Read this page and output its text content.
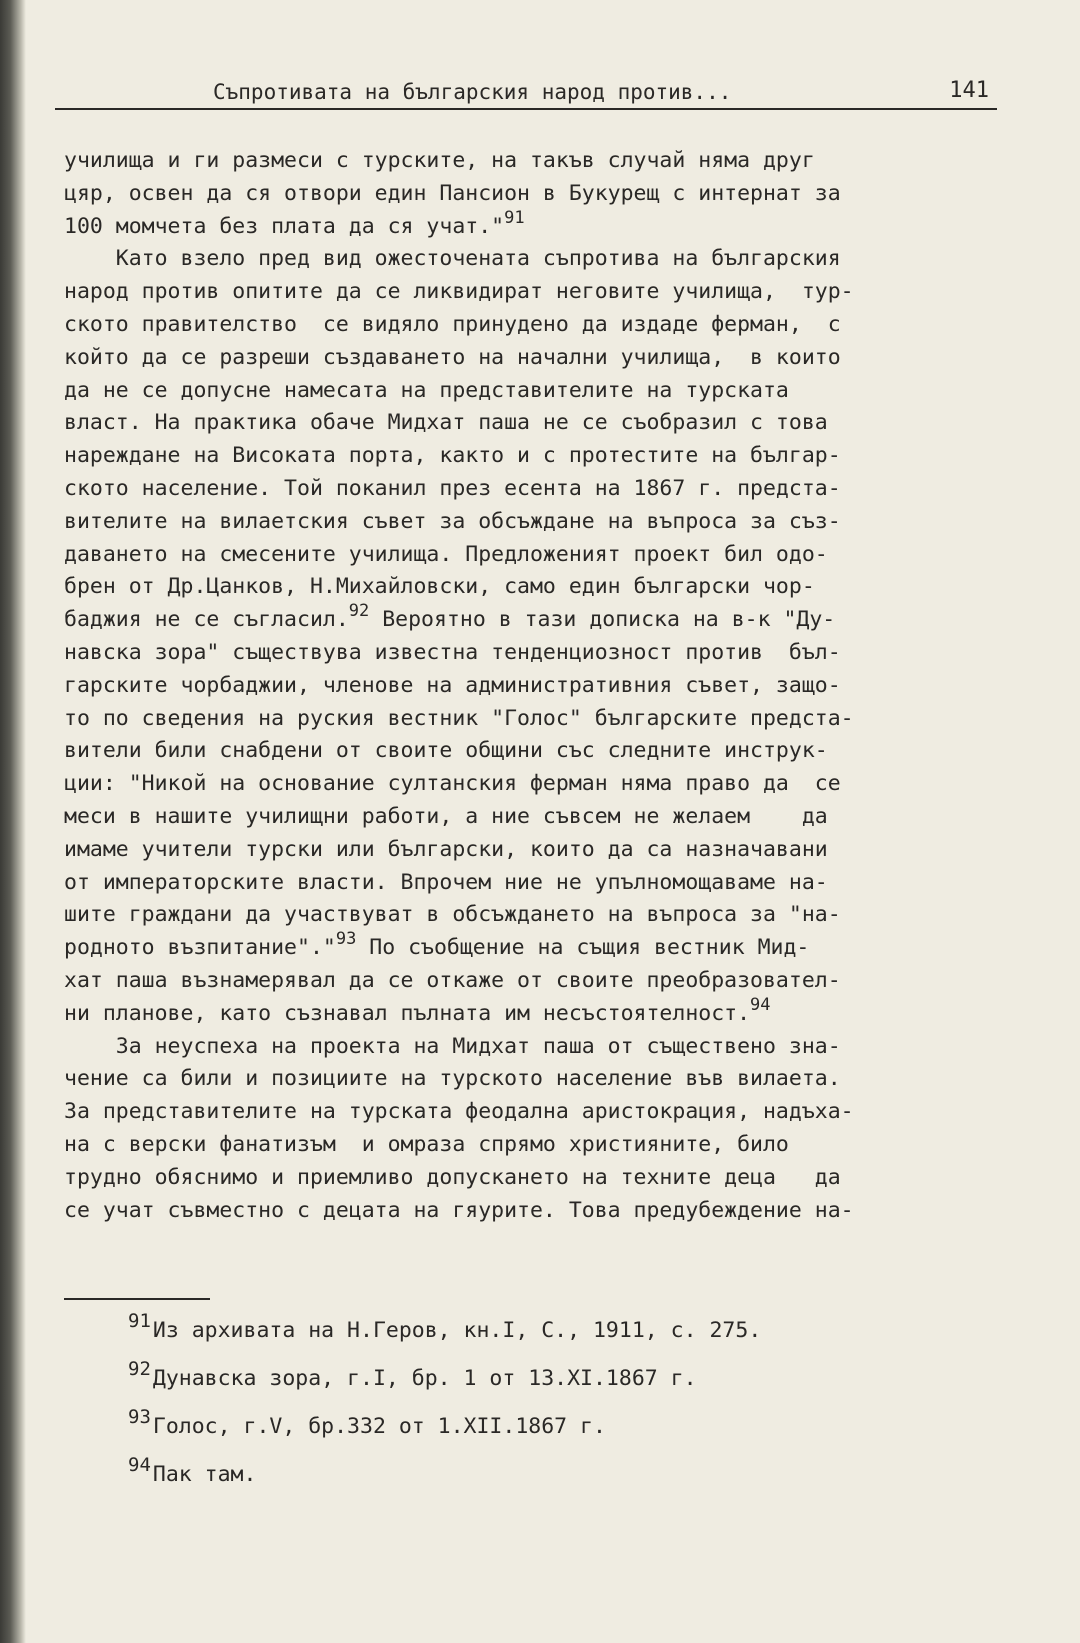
Съпротивата на българския народ против...	141
училища и ги размеси с турските, на такъв случай няма друг
цяр, освен да ся отвори един Пансион в Букурещ с интернат за
100 момчета без плата да ся учат."$^{91}$
Като взело пред вид ожесточената съпротива на българския
народ против опитите да се ликвидират неговите училища,  тур-
ското правителство  се видяло принудено да издаде ферман,  с
който да се разреши създаването на начални училища,  в които
да не се допусне намесата на представителите на турската
власт. На практика обаче Мидхат паша не се съобразил с това
нареждане на Високата порта, както и с протестите на българ-
ското население. Той поканил през есента на 1867 г. предста-
вителите на вилаетския съвет за обсъждане на въпроса за съз-
даването на смесените училища. Предложеният проект бил одо-
брен от Др.Цанков, Н.Михайловски, само един български чор-
баджия не се съгласил.$^{92}$ Вероятно в тази дописка на в-к "Ду-
навска зора" съществува известна тенденциозност против  бъл-
гарските чорбаджии, членове на административния съвет, защо-
то по сведения на руския вестник "Голос" българските предста-
вители били снабдени от своите общини със следните инструк-
ции: "Никой на основание султанския ферман няма право да  се
меси в нашите училищни работи, а ние съвсем не желаем    да
имаме учители турски или български, които да са назначавани
от императорските власти. Впрочем ние не упълномощаваме на-
шите граждани да участвуват в обсъждането на въпроса за "на-
родното възпитание"."$^{93}$ По съобщение на същия вестник Мид-
хат паша възнамерявал да се откаже от своите преобразовател-
ни планове, като съзнавал пълната им несъстоятелност.$^{94}$
За неуспеха на проекта на Мидхат паша от съществено зна-
чение са били и позициите на турското население във вилаета.
За представителите на турската феодална аристокрация, надъха-
на с верски фанатизъм  и омраза спрямо християните, било
трудно обяснимо и приемливо допускането на техните деца   да
се учат съвместно с децата на гяурите. Това предубеждение на-
91Из архивата на Н.Геров, кн.I, С., 1911, с. 275.
92Дунавска зора, г.I, бр. 1 от 13.XI.1867 г.
93Голос, г.V, бр.332 от 1.XII.1867 г.
94Пак там.
